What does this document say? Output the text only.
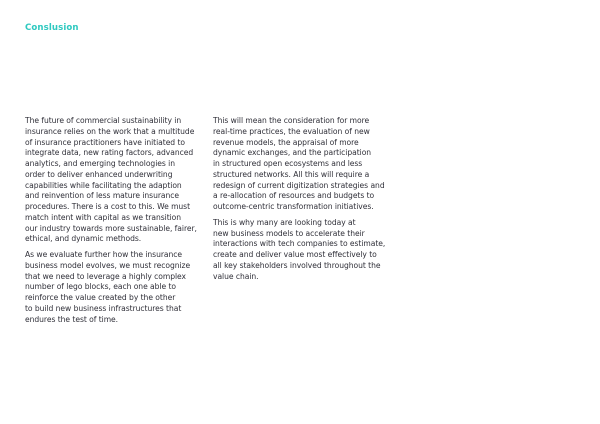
Conslusion
The future of commercial sustainability in
insurance relies on the work that a multitude
of insurance practitioners have initiated to
integrate data, new rating factors, advanced
analytics, and emerging technologies in
order to deliver enhanced underwriting
capabilities while facilitating the adaption
and reinvention of less mature insurance
procedures. There is a cost to this. We must
match intent with capital as we transition
our industry towards more sustainable, fairer,
ethical, and dynamic methods.
As we evaluate further how the insurance
business model evolves, we must recognize
that we need to leverage a highly complex
number of lego blocks, each one able to
reinforce the value created by the other
to build new business infrastructures that
endures the test of time.
This will mean the consideration for more
real-time practices, the evaluation of new
revenue models, the appraisal of more
dynamic exchanges, and the participation
in structured open ecosystems and less
structured networks. All this will require a
redesign of current digitization strategies and
a re-allocation of resources and budgets to
outcome-centric transformation initiatives.
This is why many are looking today at
new business models to accelerate their
interactions with tech companies to estimate,
create and deliver value most effectively to
all key stakeholders involved throughout the
value chain.
